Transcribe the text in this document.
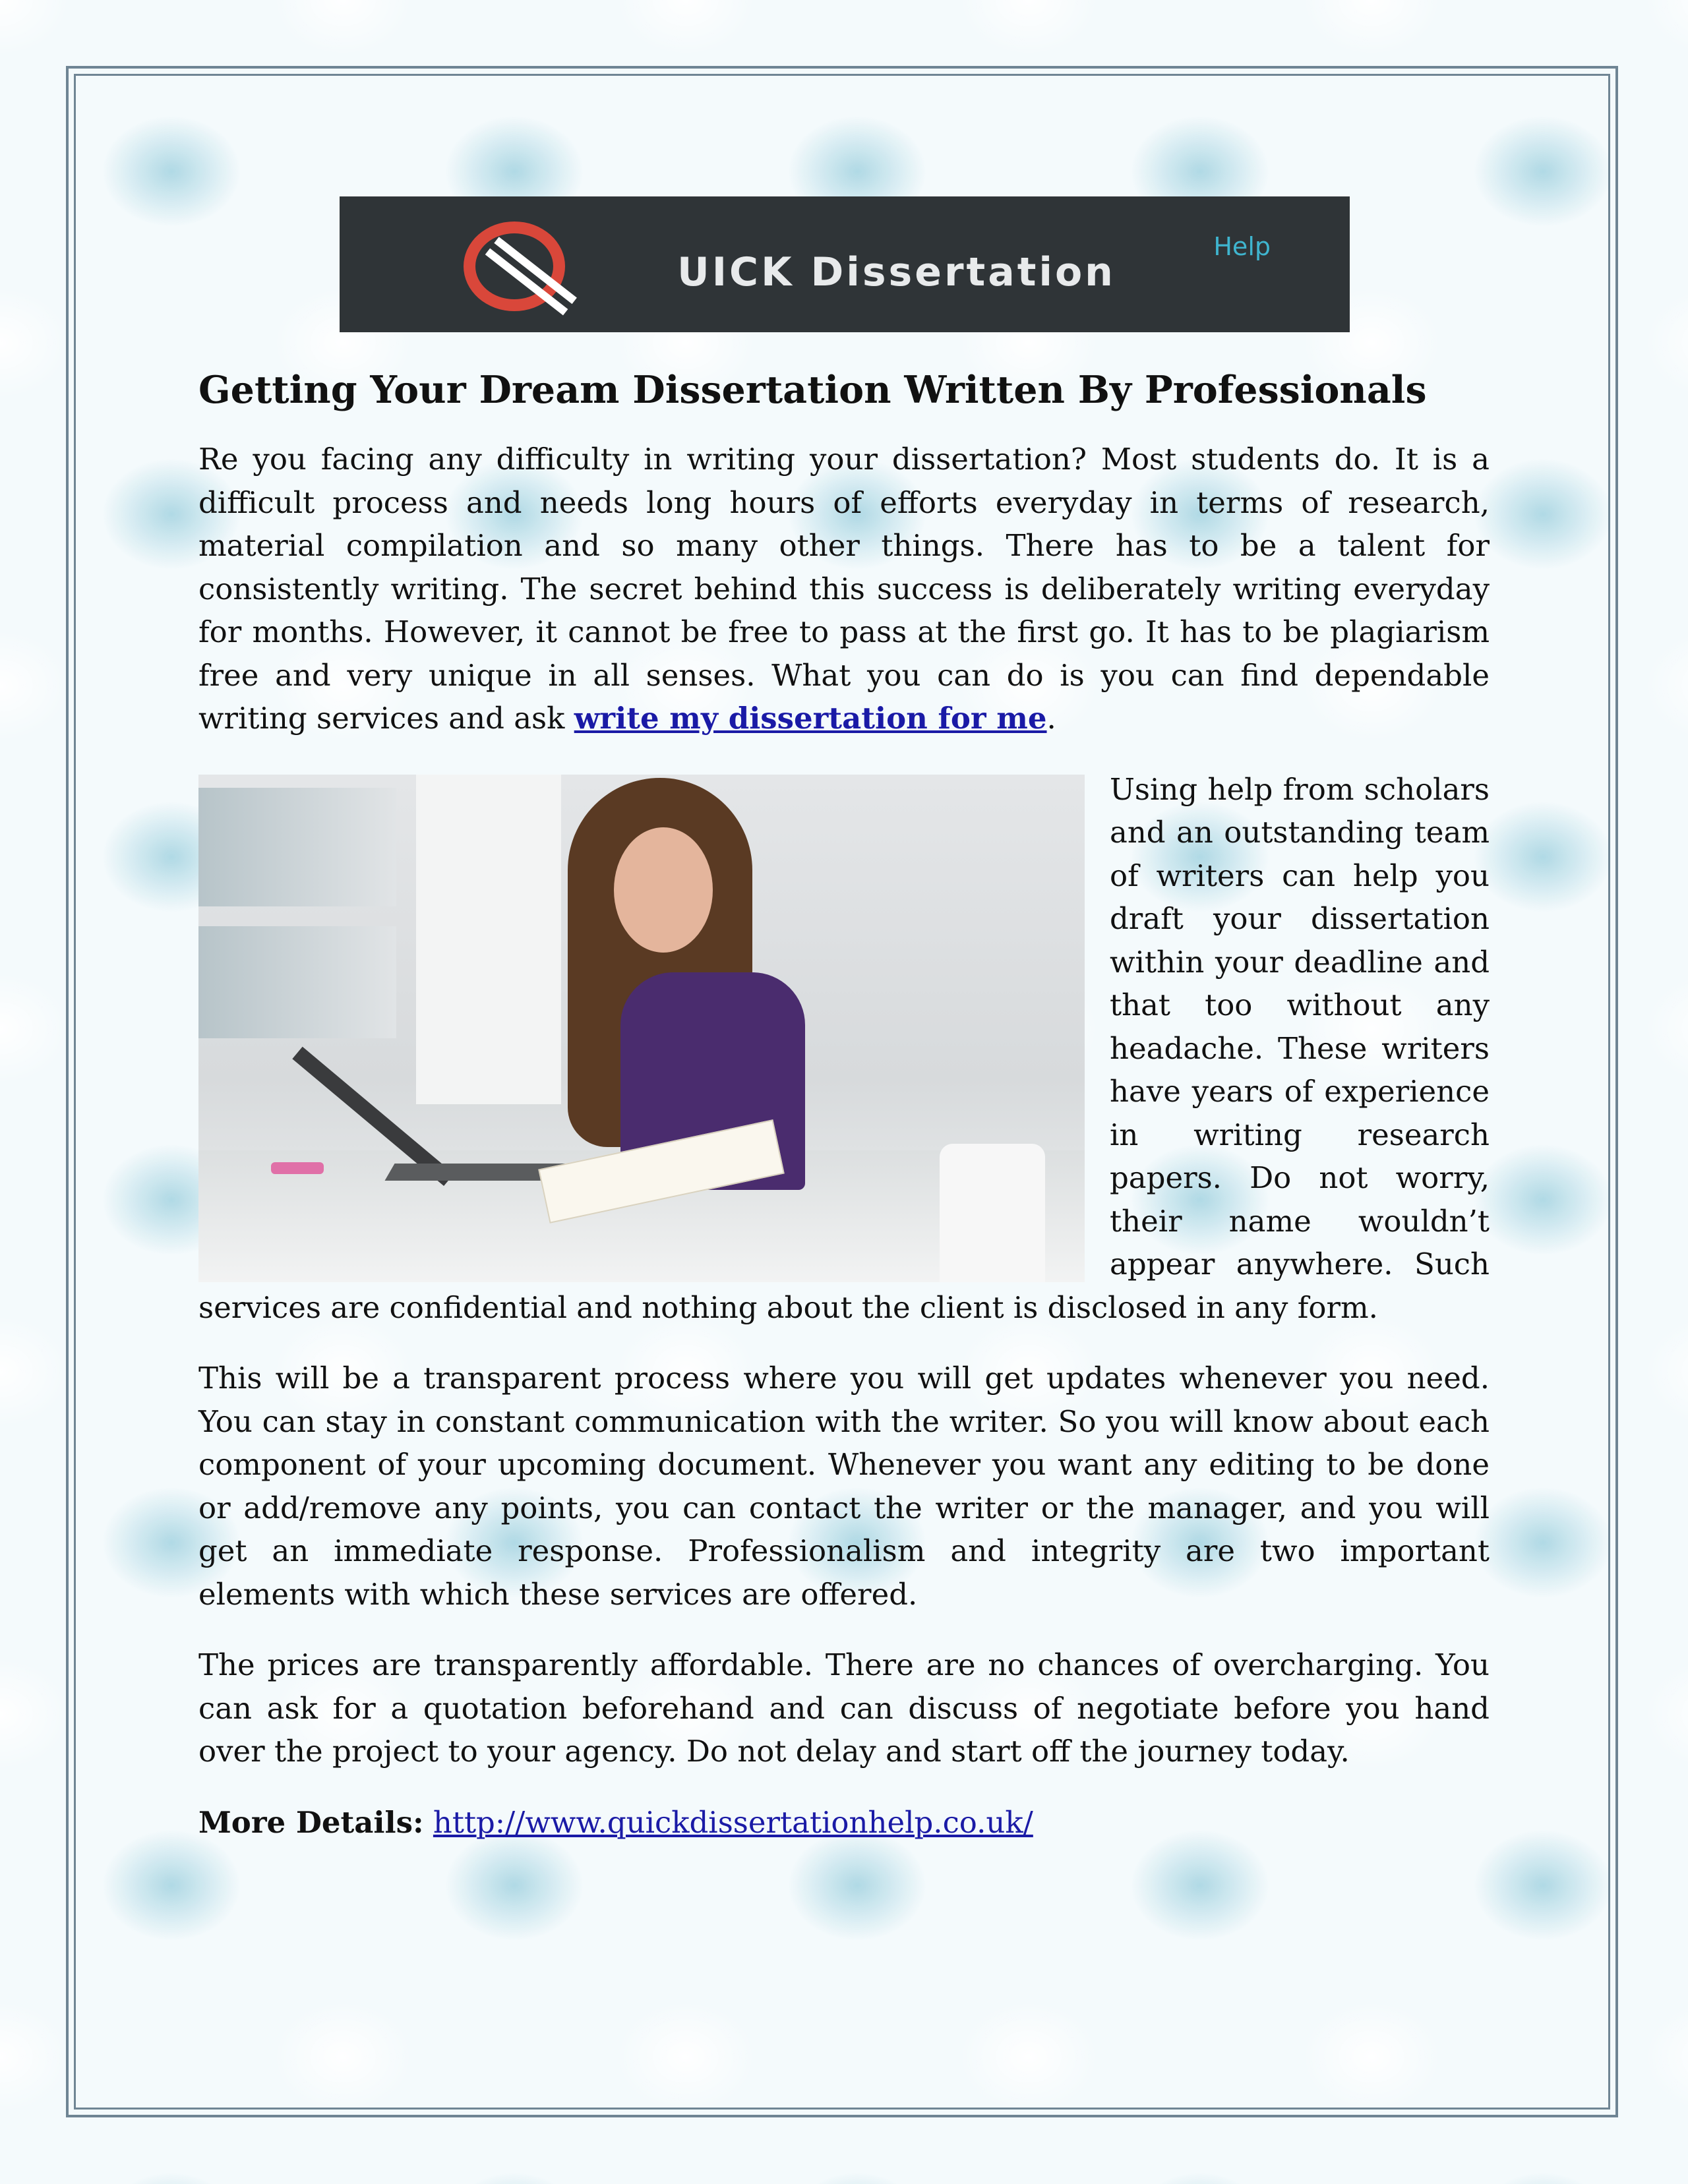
Help
UICK Dissertation
Getting Your Dream Dissertation Written By Professionals

Re you facing any difficulty in writing your dissertation? Most students do. It is a difficult process and needs long hours of efforts everyday in terms of research, material compilation and so many other things. There has to be a talent for consistently writing. The secret behind this success is deliberately writing everyday for months. However, it cannot be free to pass at the first go. It has to be plagiarism free and very unique in all senses. What you can do is you can find dependable writing services and ask write my dissertation for me.

Using help from scholars and an outstanding team of writers can help you draft your dissertation within your deadline and that too without any headache. These writers have years of experience in writing research papers. Do not worry, their name wouldn’t appear anywhere. Such services are confidential and nothing about the client is disclosed in any form.

This will be a transparent process where you will get updates whenever you need. You can stay in constant communication with the writer. So you will know about each component of your upcoming document. Whenever you want any editing to be done or add/remove any points, you can contact the writer or the manager, and you will get an immediate response. Professionalism and integrity are two important elements with which these services are offered.

The prices are transparently affordable. There are no chances of overcharging. You can ask for a quotation beforehand and can discuss of negotiate before you hand over the project to your agency. Do not delay and start off the journey today.

More Details: http://www.quickdissertationhelp.co.uk/
